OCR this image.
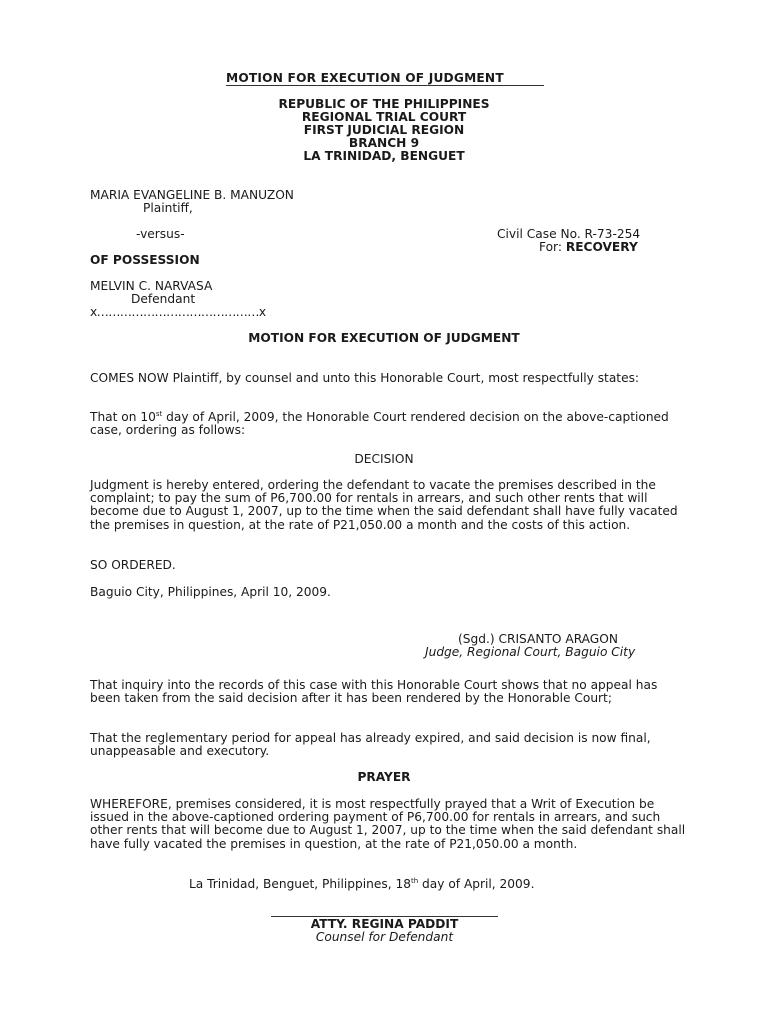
MOTION FOR EXECUTION OF JUDGMENT
REPUBLIC OF THE PHILIPPINES
REGIONAL TRIAL COURT
FIRST JUDICIAL REGION
BRANCH 9
LA TRINIDAD, BENGUET
MARIA EVANGELINE B. MANUZON
Plaintiff,
-versus-	Civil Case No. R-73-254
For: RECOVERY
OF POSSESSION
MELVIN C. NARVASA
Defendant
x……………………………………x
MOTION FOR EXECUTION OF JUDGMENT
COMES NOW Plaintiff, by counsel and unto this Honorable Court, most respectfully states:
That on 10st day of April, 2009, the Honorable Court rendered decision on the above-captioned case, ordering as follows:
DECISION
Judgment is hereby entered, ordering the defendant to vacate the premises described in the complaint; to pay the sum of P6,700.00 for rentals in arrears, and such other rents that will become due to August 1, 2007, up to the time when the said defendant shall have fully vacated the premises in question, at the rate of P21,050.00 a month and the costs of this action.
SO ORDERED.
Baguio City, Philippines, April 10, 2009.
(Sgd.) CRISANTO ARAGON
Judge, Regional Court, Baguio City
That inquiry into the records of this case with this Honorable Court shows that no appeal has been taken from the said decision after it has been rendered by the Honorable Court;
That the reglementary period for appeal has already expired, and said decision is now final, unappeasable and executory.
PRAYER
WHEREFORE, premises considered, it is most respectfully prayed that a Writ of Execution be issued in the above-captioned ordering payment of P6,700.00 for rentals in arrears, and such other rents that will become due to August 1, 2007, up to the time when the said defendant shall have fully vacated the premises in question, at the rate of P21,050.00 a month.
La Trinidad, Benguet, Philippines, 18th day of April, 2009.
ATTY. REGINA PADDIT
Counsel for Defendant
